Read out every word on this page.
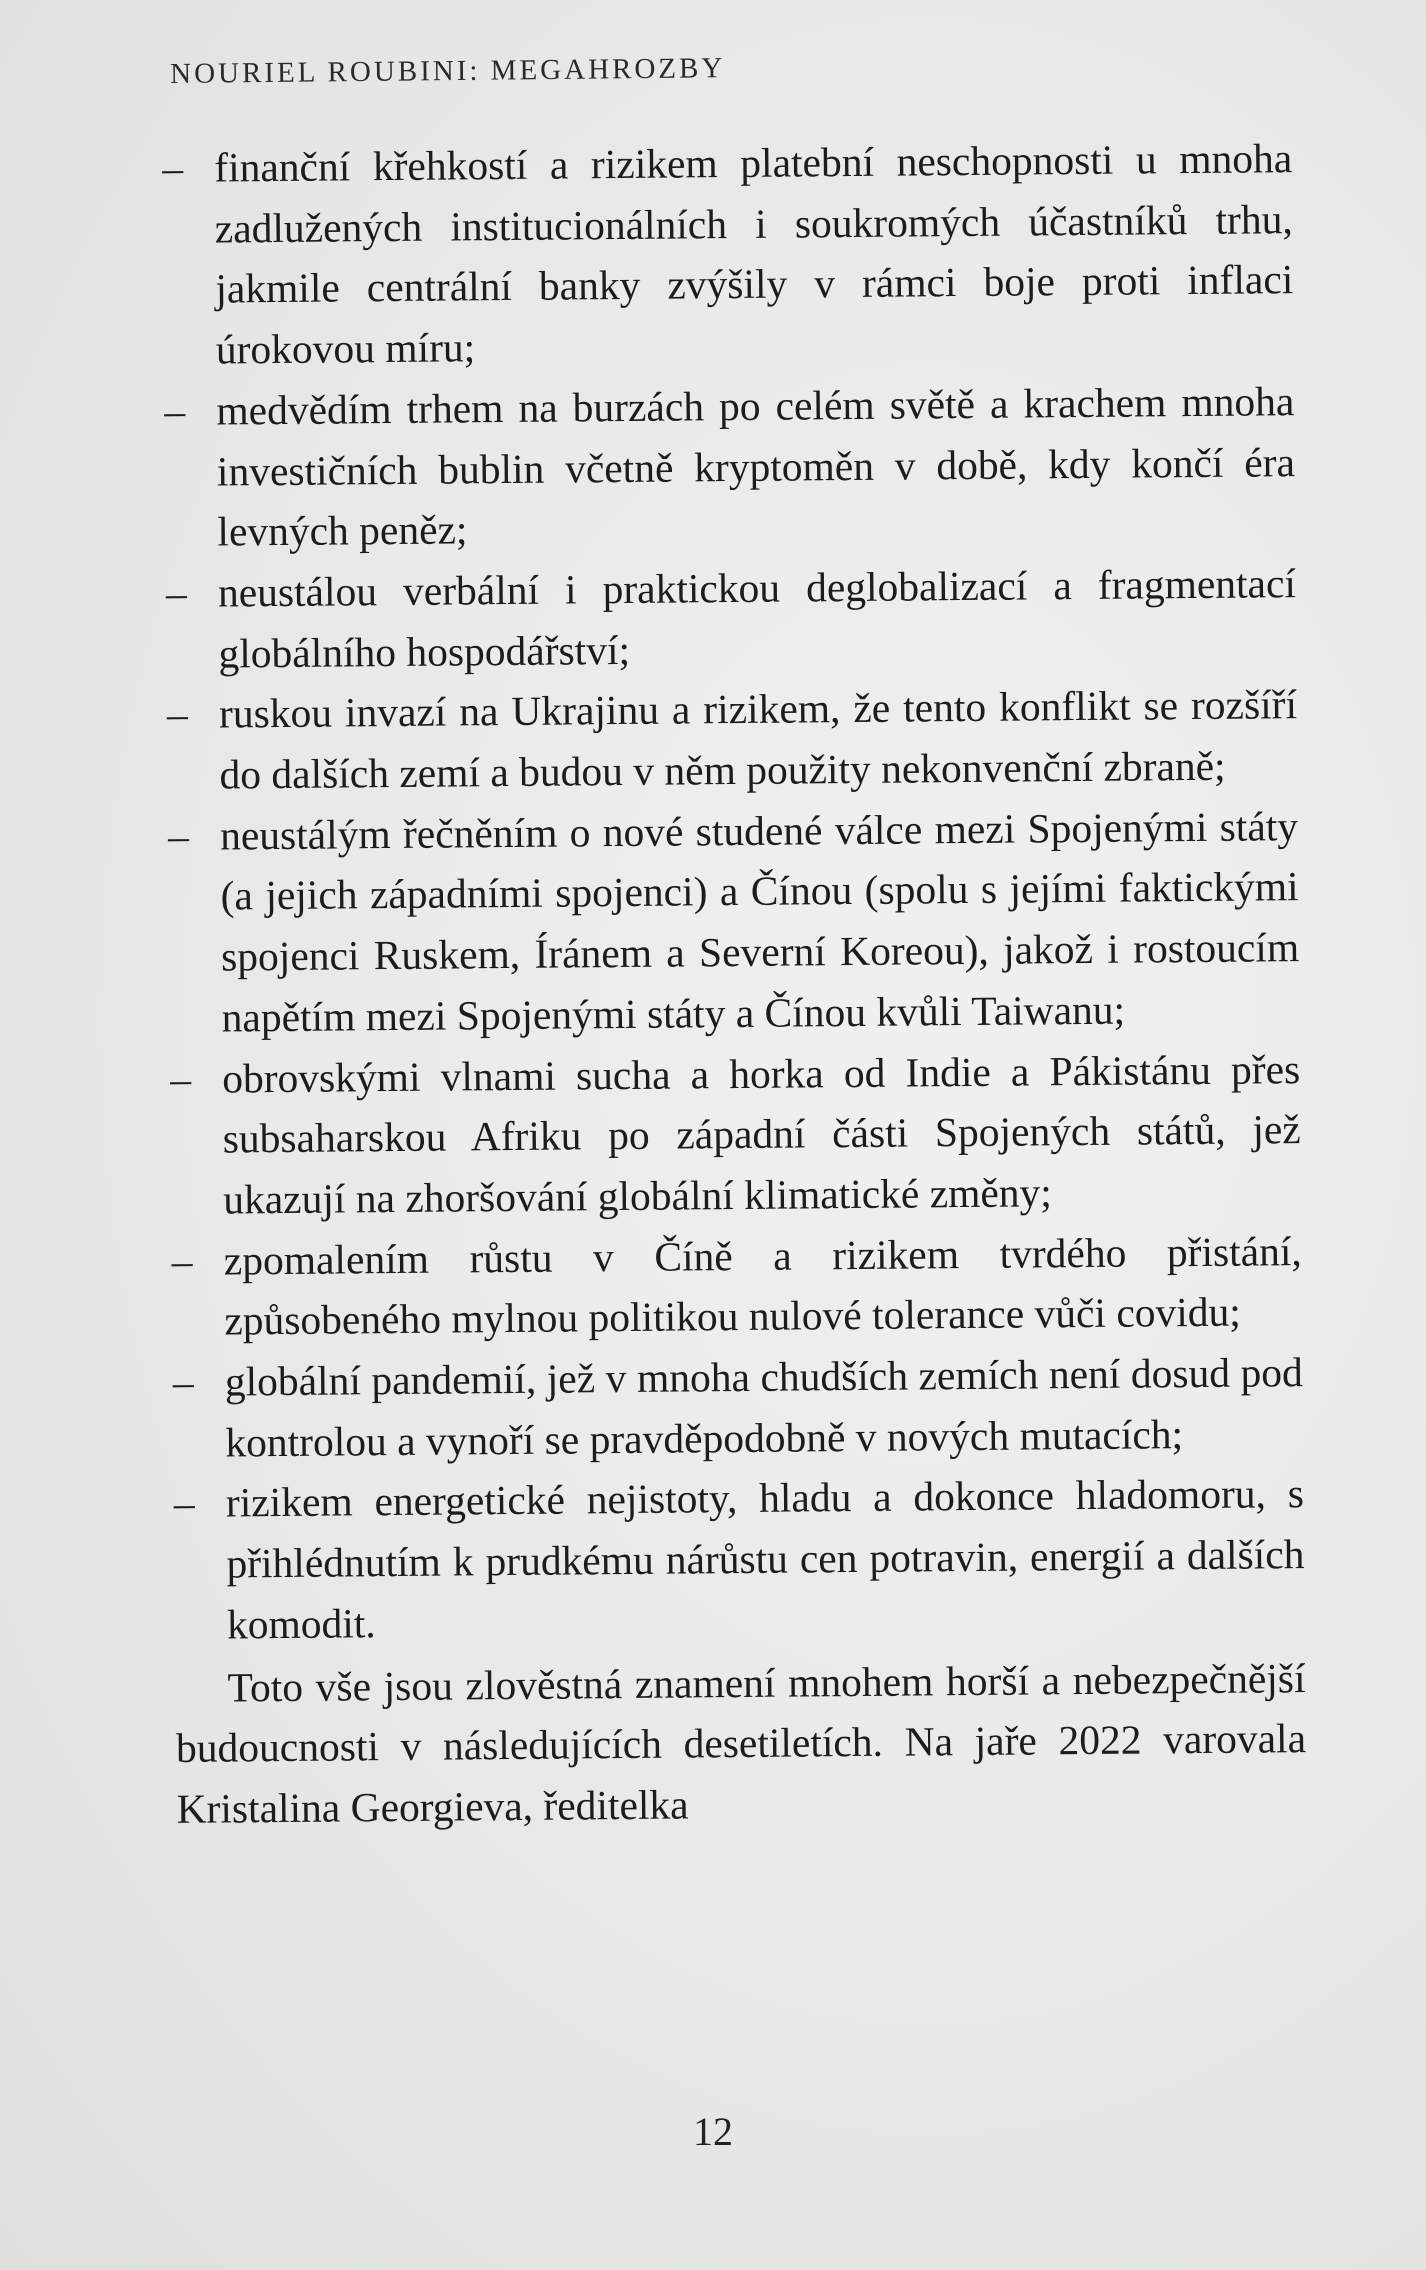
NOURIEL ROUBINI: MEGAHROZBY
– finanční křehkostí a rizikem platební neschopnosti u mnoha zadlužených institucionálních i soukromých účastníků trhu, jakmile centrální banky zvýšily v rámci boje proti inflaci úrokovou míru;
– medvědím trhem na burzách po celém světě a krachem mnoha investičních bublin včetně kryptoměn v době, kdy končí éra levných peněz;
– neustálou verbální i praktickou deglobalizací a fragmentací globálního hospodářství;
– ruskou invazí na Ukrajinu a rizikem, že tento konflikt se rozšíří do dalších zemí a budou v něm použity nekonvenční zbraně;
– neustálým řečněním o nové studené válce mezi Spojenými státy (a jejich západními spojenci) a Čínou (spolu s jejími faktickými spojenci Ruskem, Íránem a Severní Koreou), jakož i rostoucím napětím mezi Spojenými státy a Čínou kvůli Taiwanu;
– obrovskými vlnami sucha a horka od Indie a Pákistánu přes subsaharskou Afriku po západní části Spojených států, jež ukazují na zhoršování globální klimatické změny;
– zpomalením růstu v Číně a rizikem tvrdého přistání, způsobeného mylnou politikou nulové tolerance vůči covidu;
– globální pandemií, jež v mnoha chudších zemích není dosud pod kontrolou a vynoří se pravděpodobně v nových mutacích;
– rizikem energetické nejistoty, hladu a dokonce hladomoru, s přihlédnutím k prudkému nárůstu cen potravin, energií a dalších komodit.
Toto vše jsou zlověstná znamení mnohem horší a nebezpečnější budoucnosti v následujících desetiletích. Na jaře 2022 varovala Kristalina Georgieva, ředitelka
12
